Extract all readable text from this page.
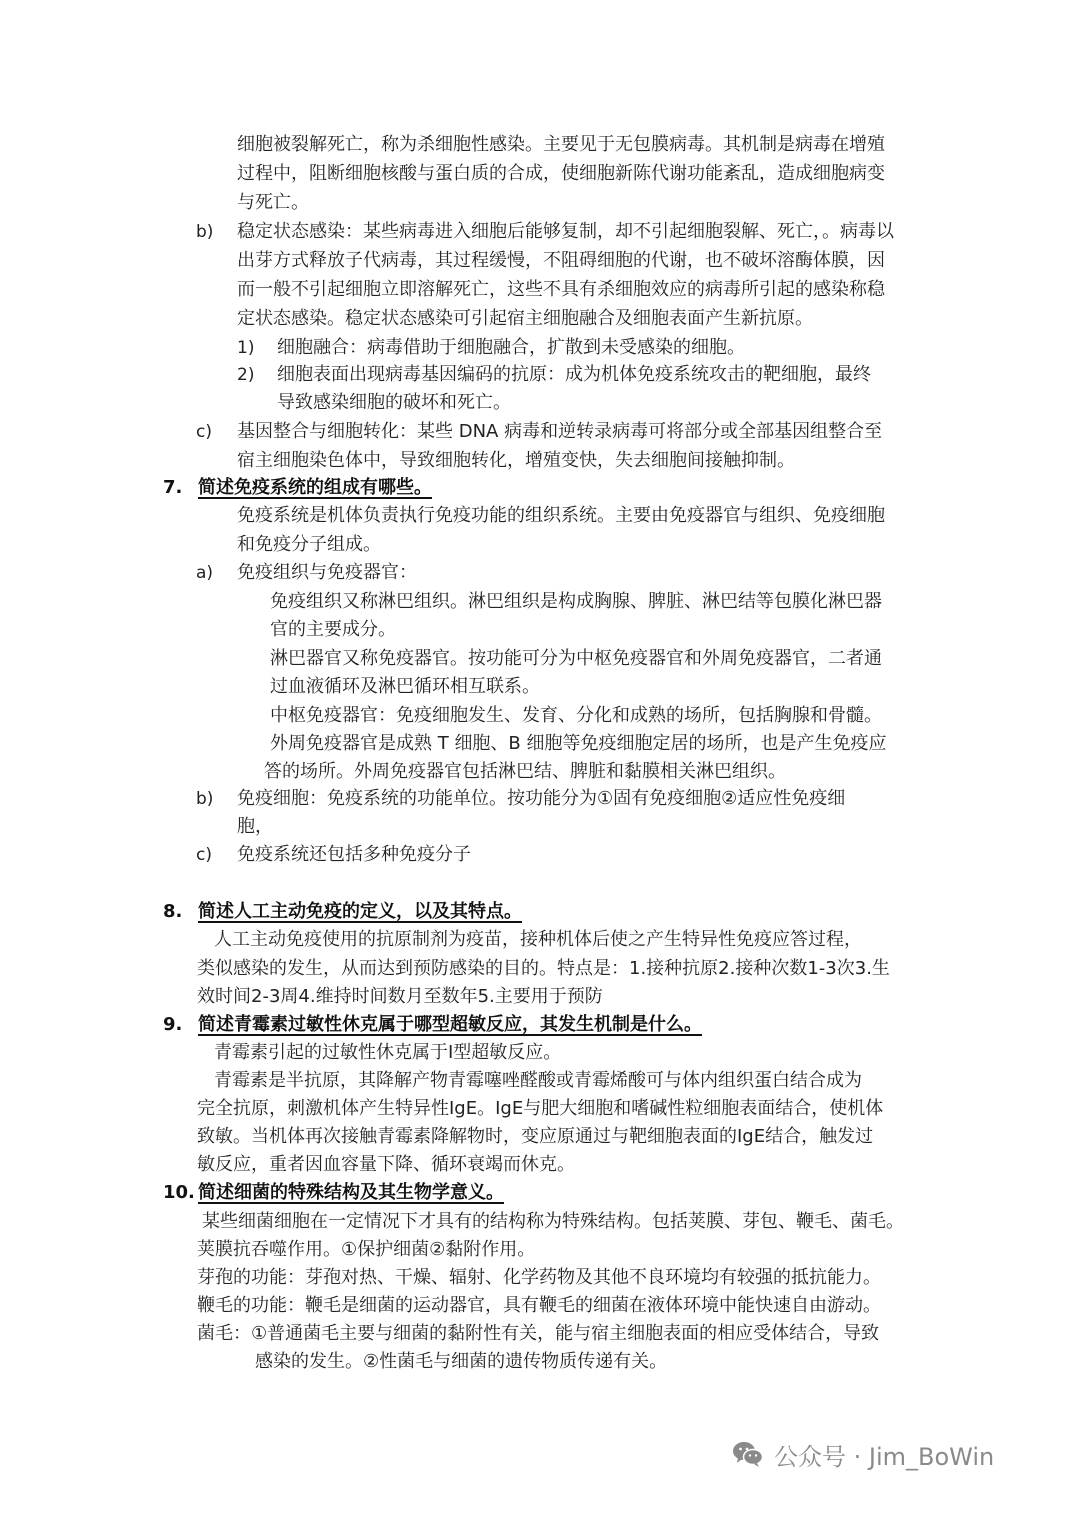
细胞被裂解死亡，称为杀细胞性感染。主要见于无包膜病毒。其机制是病毒在增殖
过程中，阻断细胞核酸与蛋白质的合成，使细胞新陈代谢功能紊乱，造成细胞病变
与死亡。
b) 稳定状态感染：某些病毒进入细胞后能够复制，却不引起细胞裂解、死亡，。病毒以
出芽方式释放子代病毒，其过程缓慢，不阻碍细胞的代谢，也不破坏溶酶体膜，因
而一般不引起细胞立即溶解死亡，这些不具有杀细胞效应的病毒所引起的感染称稳
定状态感染。稳定状态感染可引起宿主细胞融合及细胞表面产生新抗原。
1) 细胞融合：病毒借助于细胞融合，扩散到未受感染的细胞。
2) 细胞表面出现病毒基因编码的抗原：成为机体免疫系统攻击的靶细胞，最终
导致感染细胞的破坏和死亡。
c) 基因整合与细胞转化：某些 DNA 病毒和逆转录病毒可将部分或全部基因组整合至
宿主细胞染色体中，导致细胞转化，增殖变快，失去细胞间接触抑制。
7. 简述免疫系统的组成有哪些。
免疫系统是机体负责执行免疫功能的组织系统。主要由免疫器官与组织、免疫细胞
和免疫分子组成。
a) 免疫组织与免疫器官：
免疫组织又称淋巴组织。淋巴组织是构成胸腺、脾脏、淋巴结等包膜化淋巴器
官的主要成分。
淋巴器官又称免疫器官。按功能可分为中枢免疫器官和外周免疫器官，二者通
过血液循环及淋巴循环相互联系。
中枢免疫器官：免疫细胞发生、发育、分化和成熟的场所，包括胸腺和骨髓。
外周免疫器官是成熟 T 细胞、B 细胞等免疫细胞定居的场所，也是产生免疫应
答的场所。外周免疫器官包括淋巴结、脾脏和黏膜相关淋巴组织。
b) 免疫细胞：免疫系统的功能单位。按功能分为①固有免疫细胞②适应性免疫细
胞，
c) 免疫系统还包括多种免疫分子
8. 简述人工主动免疫的定义，以及其特点。
人工主动免疫使用的抗原制剂为疫苗，接种机体后使之产生特异性免疫应答过程，
类似感染的发生，从而达到预防感染的目的。特点是：1.接种抗原2.接种次数1-3次3.生
效时间2-3周4.维持时间数月至数年5.主要用于预防
9. 简述青霉素过敏性休克属于哪型超敏反应，其发生机制是什么。
青霉素引起的过敏性休克属于I型超敏反应。
青霉素是半抗原，其降解产物青霉噻唑醛酸或青霉烯酸可与体内组织蛋白结合成为
完全抗原，刺激机体产生特异性IgE。IgE与肥大细胞和嗜碱性粒细胞表面结合，使机体
致敏。当机体再次接触青霉素降解物时，变应原通过与靶细胞表面的IgE结合，触发过
敏反应，重者因血容量下降、循环衰竭而休克。
10. 简述细菌的特殊结构及其生物学意义。
某些细菌细胞在一定情况下才具有的结构称为特殊结构。包括荚膜、芽包、鞭毛、菌毛。
荚膜抗吞噬作用。①保护细菌②黏附作用。
芽孢的功能：芽孢对热、干燥、辐射、化学药物及其他不良环境均有较强的抵抗能力。
鞭毛的功能：鞭毛是细菌的运动器官，具有鞭毛的细菌在液体环境中能快速自由游动。
菌毛：①普通菌毛主要与细菌的黏附性有关，能与宿主细胞表面的相应受体结合，导致
感染的发生。②性菌毛与细菌的遗传物质传递有关。
公众号 · Jim_BoWin
